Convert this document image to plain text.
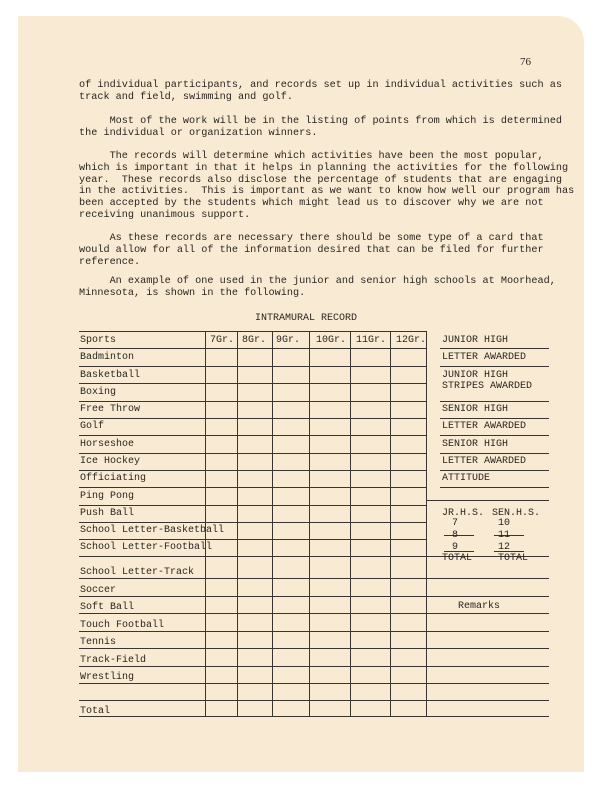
76
of individual participants, and records set up in individual activities such
track and field, swimming and golf.
Most of the work will be in the listing of points from which is determined
the individual or organization winners.
The records will determine which activities have been the most popular,
which is important in that it helps in planning the activities for the following
year.  These records also disclose the percentage of students that are engaging
in the activities.  This is important as we want to know how well our program
been accepted by the students which might lead us to discover why we are not
receiving unanimous support.
As these records are necessary there should be some type of a card that
would allow for all of the information desired that can be filed for further
reference.
An example of one used in the junior and senior high schools at Moorhead,
Minnesota, is shown in the following.
INTRAMURAL RECORD
Sports	7Gr. 8Gr. 9Gr. 10Gr. 11Gr. 12Gr.
Badminton
Basketball
Boxing
Free Throw
Golf
Horseshoe
Ice Hockey
Officiating
Ping Pong
Push Ball
School Letter-Basketball
School Letter-Football
School Letter-Track
Soccer
Soft Ball
Touch Football
Tennis
Track-Field
Wrestling
Total
JUNIOR HIGH
LETTER AWARDED
JUNIOR HIGH
STRIPES AWARDED
SENIOR HIGH
LETTER AWARDED
SENIOR HIGH
LETTER AWARDED
ATTITUDE
JR.H.S. SEN.H.S.
7
8
9
10
11
12
TOTAL	TOTAL
Remarks
